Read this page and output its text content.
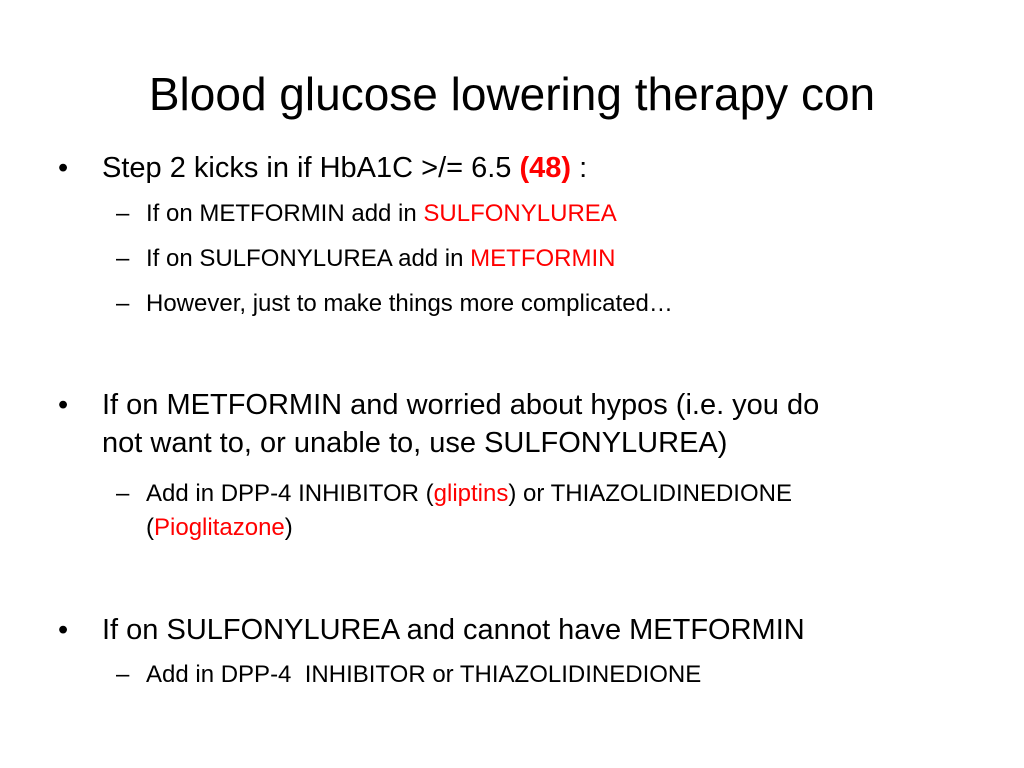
Blood glucose lowering therapy con
•	Step 2 kicks in if HbA1C >/= 6.5 (48) :
– If on METFORMIN add in SULFONYLUREA
– If on SULFONYLUREA add in METFORMIN
– However, just to make things more complicated…
•	If on METFORMIN and worried about hypos (i.e. you do
not want to, or unable to, use SULFONYLUREA)
– Add in DPP-4 INHIBITOR (gliptins) or THIAZOLIDINEDIONE
(Pioglitazone)
•	If on SULFONYLUREA and cannot have METFORMIN
– Add in DPP-4  INHIBITOR or THIAZOLIDINEDIONE
